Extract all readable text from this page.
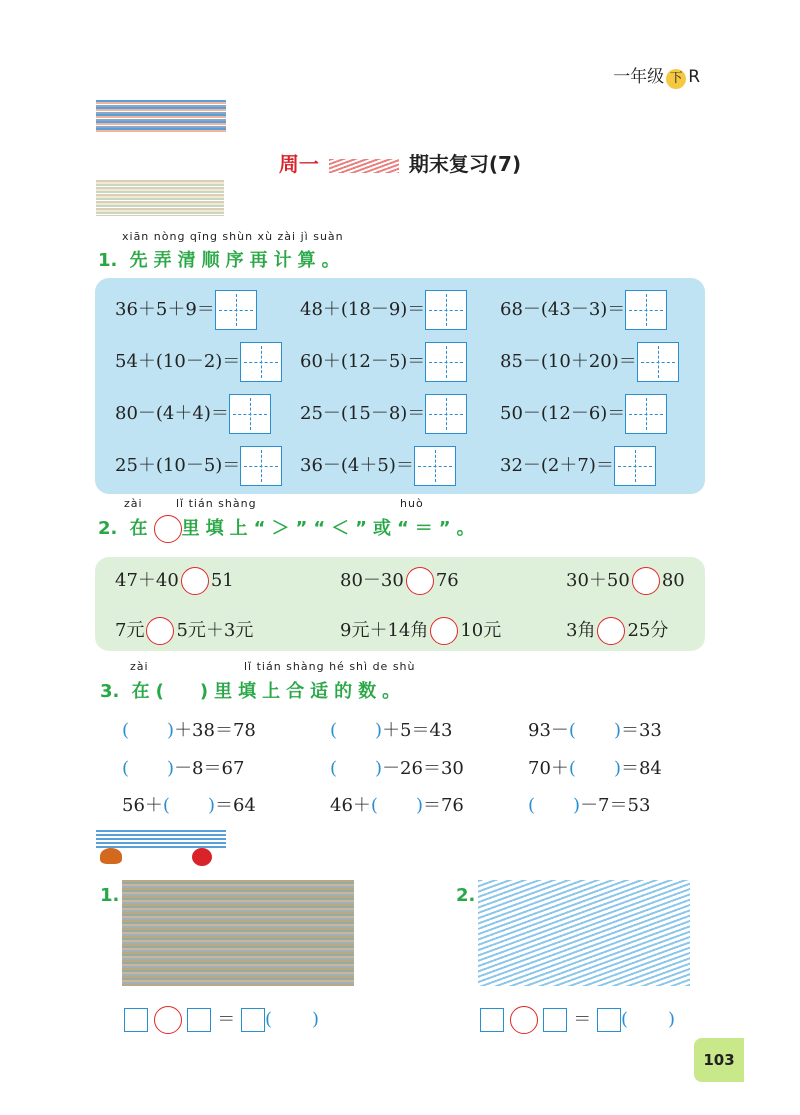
一年级 下 R
周一	期末复习(7)
xiān nòng qīng shùn xù zài jì suàn
1. 先弄清顺序再计算。
36＋5＋9＝	48＋(18－9)＝	68－(43－3)＝
54＋(10－2)＝	60＋(12－5)＝	85－(10＋20)＝
80－(4＋4)＝	25－(15－8)＝	50－(12－6)＝
25＋(10－5)＝	36－(4＋5)＝	32－(2＋7)＝
zài	lǐ tián shàng	huò
2. 在 里填上“＞”“＜”或“＝”。
47＋40 51	80－30 76	30＋50 80
7元 5元＋3元	9元＋14角 10元	3角 25分
zài	lǐ tián shàng hé shì de shù
3. 在( )里填上合适的数。
( )＋38＝78	( )＋5＝43	93－( )＝33
( )－8＝67	( )－26＝30	70＋( )＝84
56＋( )＝64	46＋( )＝76	( )－7＝53
1.	2.
＝ ( )	＝ ( )
103
